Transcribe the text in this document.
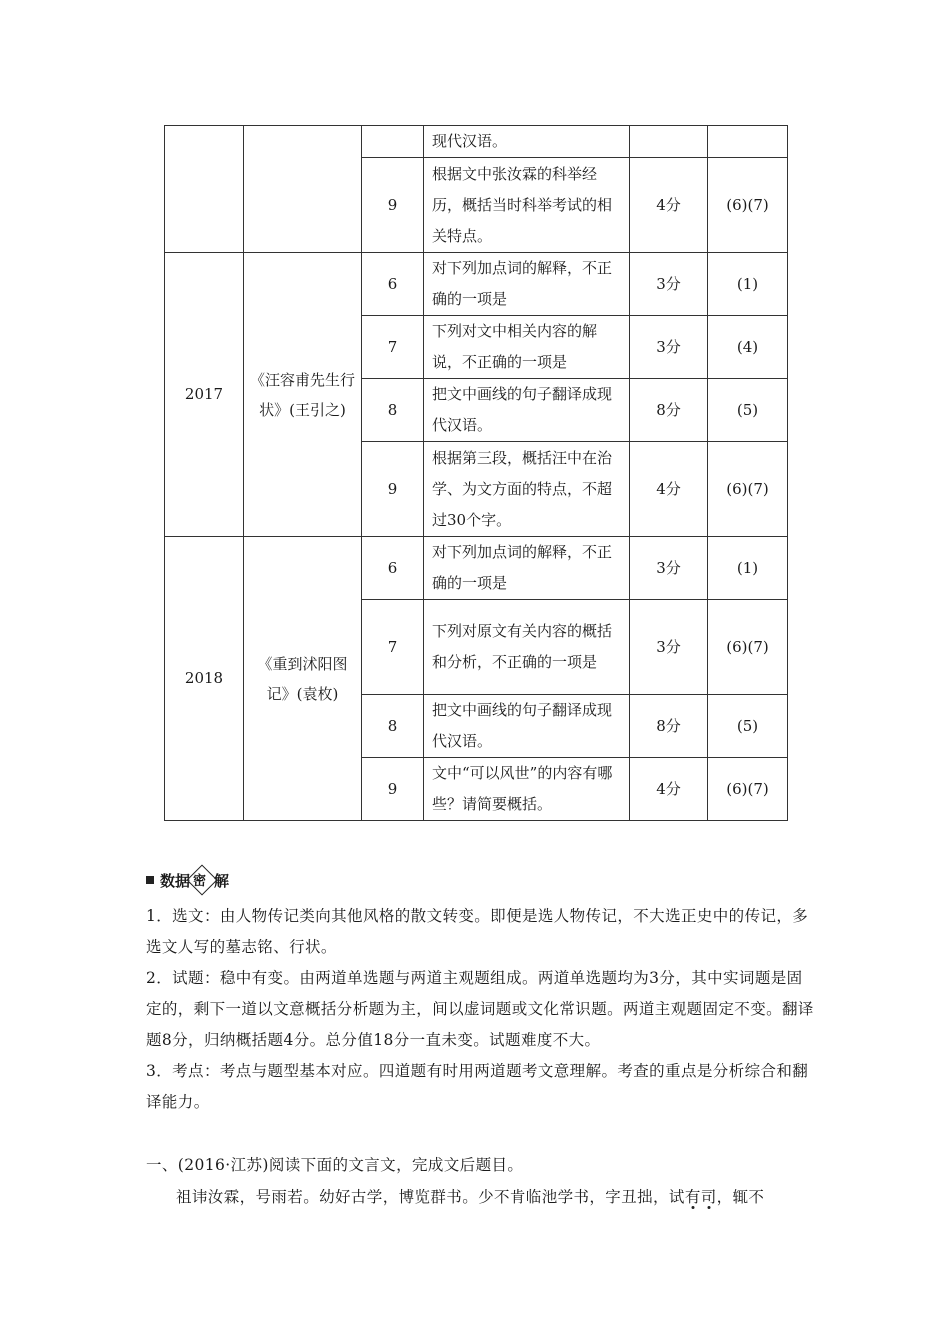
			现代汉语。		
		9	根据文中张汝霖的科举经历，概括当时科举考试的相关特点。	4分	(6)(7)
2017	《汪容甫先生行状》(王引之)	6	对下列加点词的解释，不正确的一项是	3分	(1)
		7	下列对文中相关内容的解说，不正确的一项是	3分	(4)
		8	把文中画线的句子翻译成现代汉语。	8分	(5)
		9	根据第三段，概括汪中在治学、为文方面的特点，不超过30个字。	4分	(6)(7)
2018	《重到沭阳图记》(袁枚)	6	对下列加点词的解释，不正确的一项是	3分	(1)
		7	下列对原文有关内容的概括和分析，不正确的一项是	3分	(6)(7)
		8	把文中画线的句子翻译成现代汉语。	8分	(5)
		9	文中“可以风世”的内容有哪些？请简要概括。	4分	(6)(7)
数据 密 解
1．选文：由人物传记类向其他风格的散文转变。即便是选人物传记，不大选正史中的传记，多选文人写的墓志铭、行状。
2．试题：稳中有变。由两道单选题与两道主观题组成。两道单选题均为3分，其中实词题是固定的，剩下一道以文意概括分析题为主，间以虚词题或文化常识题。两道主观题固定不变。翻译题8分，归纳概括题4分。总分值18分一直未变。试题难度不大。
3．考点：考点与题型基本对应。四道题有时用两道题考文意理解。考查的重点是分析综合和翻译能力。
一、(2016·江苏)阅读下面的文言文，完成文后题目。
祖讳汝霖，号雨若。幼好古学，博览群书。少不肯临池学书，字丑拙，试有司，辄不
